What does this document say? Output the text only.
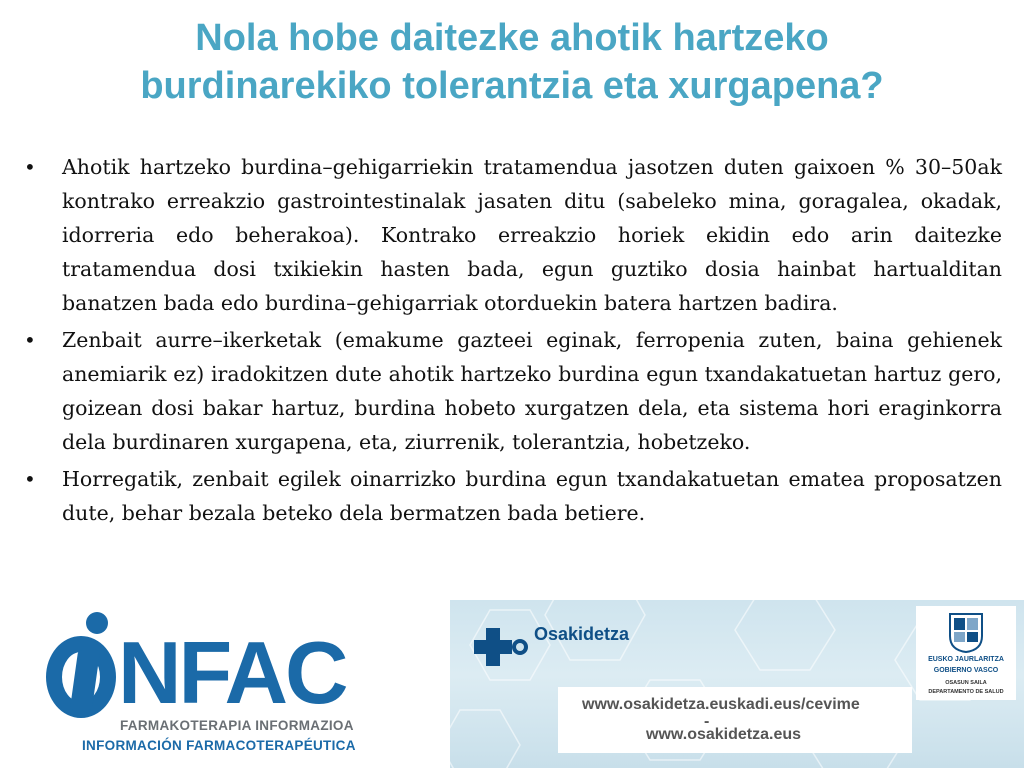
Nola hobe daitezke ahotik hartzeko
burdinarekiko tolerantzia eta xurgapena?
• Ahotik hartzeko burdina–gehigarriekin tratamendua jasotzen duten gaixoen % 30–50ak kontrako erreakzio gastrointestinalak jasaten ditu (sabeleko mina, goragalea, okadak, idorreria edo beherakoa). Kontrako erreakzio horiek ekidin edo arin daitezke tratamendua dosi txikiekin hasten bada, egun guztiko dosia hainbat hartualditan banatzen bada edo burdina–gehigarriak otorduekin batera hartzen badira.
• Zenbait aurre–ikerketak (emakume gazteei eginak, ferropenia zuten, baina gehienek anemiarik ez) iradokitzen dute ahotik hartzeko burdina egun txandakatuetan hartuz gero, goizean dosi bakar hartuz, burdina hobeto xurgatzen dela, eta sistema hori eraginkorra dela burdinaren xurgapena, eta, ziurrenik, tolerantzia, hobetzeko.
• Horregatik, zenbait egilek oinarrizko burdina egun txandakatuetan ematea proposatzen dute, behar bezala beteko dela bermatzen bada betiere.
NFAC
FARMAKOTERAPIA INFORMAZIOA
INFORMACIÓN FARMACOTERAPÉUTICA
Osakidetza
www.osakidetza.euskadi.eus/cevime
-
www.osakidetza.eus
EUSKO JAURLARITZA
GOBIERNO VASCO
OSASUN SAILA
DEPARTAMENTO DE SALUD
